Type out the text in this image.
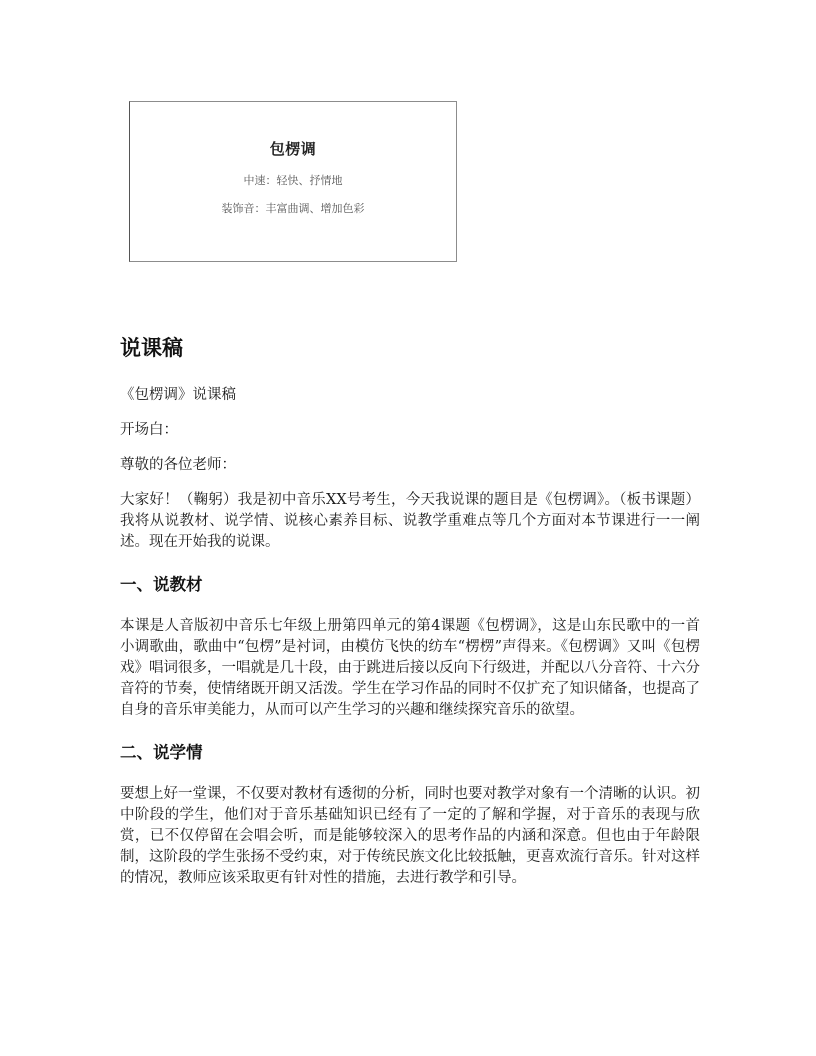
包楞调
中速：轻快、抒情地
装饰音：丰富曲调、增加色彩
说课稿

《包楞调》说课稿

开场白：

尊敬的各位老师：

大家好！（鞠躬）我是初中音乐XX号考生，今天我说课的题目是《包楞调》。（板书课题）我将从说教材、说学情、说核心素养目标、说教学重难点等几个方面对本节课进行一一阐述。现在开始我的说课。

一、说教材

本课是人音版初中音乐七年级上册第四单元的第4课题《包楞调》，这是山东民歌中的一首小调歌曲，歌曲中“包楞”是衬词，由模仿飞快的纺车“楞楞”声得来。《包楞调》又叫《包楞戏》唱词很多，一唱就是几十段，由于跳进后接以反向下行级进，并配以八分音符、十六分音符的节奏，使情绪既开朗又活泼。学生在学习作品的同时不仅扩充了知识储备，也提高了自身的音乐审美能力，从而可以产生学习的兴趣和继续探究音乐的欲望。

二、说学情

要想上好一堂课，不仅要对教材有透彻的分析，同时也要对教学对象有一个清晰的认识。初中阶段的学生，他们对于音乐基础知识已经有了一定的了解和学握，对于音乐的表现与欣赏，已不仅停留在会唱会听，而是能够较深入的思考作品的内涵和深意。但也由于年龄限制，这阶段的学生张扬不受约束，对于传统民族文化比较抵触，更喜欢流行音乐。针对这样的情况，教师应该采取更有针对性的措施，去进行教学和引导。
